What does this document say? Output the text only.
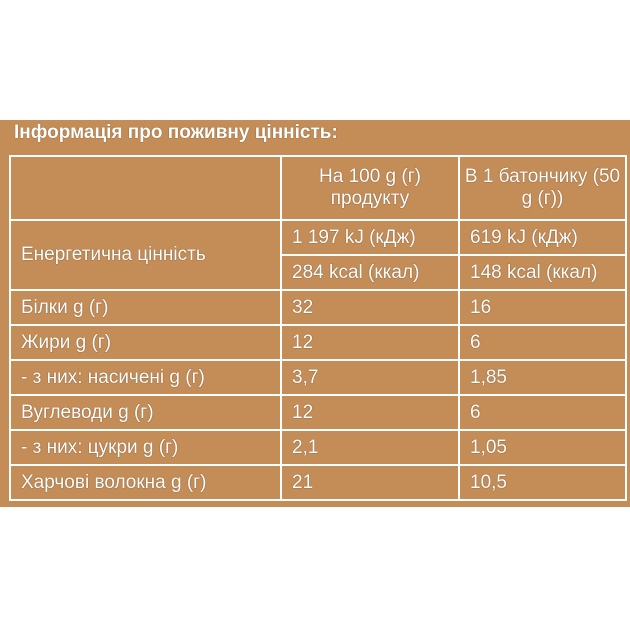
Інформація про поживну цінність:
	На 100 g (г) продукту	В 1 батончику (50 g (г))
Енергетична цінність	1 197 kJ (кДж)	619 kJ (кДж)
	284 kcal (ккал)	148 kcal (ккал)
Білки g (г)	32	16
Жири g (г)	12	6
- з них: насичені g (г)	3,7	1,85
Вуглеводи g (г)	12	6
- з них: цукри g (г)	2,1	1,05
Харчові волокна g (г)	21	10,5
